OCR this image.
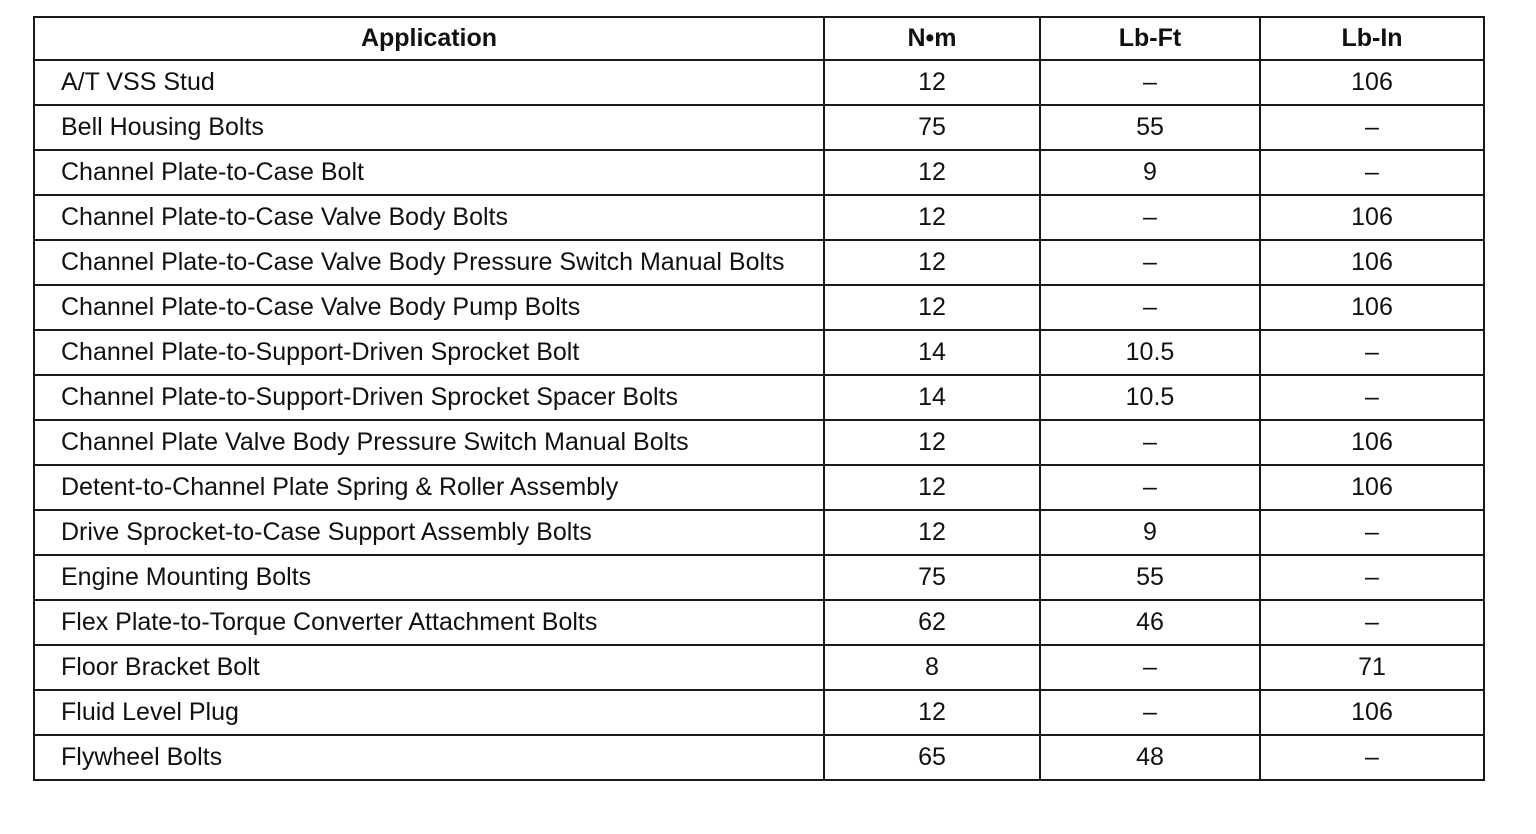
Application	N•m	Lb-Ft	Lb-In
A/T VSS Stud	12	–	106
Bell Housing Bolts	75	55	–
Channel Plate-to-Case Bolt	12	9	–
Channel Plate-to-Case Valve Body Bolts	12	–	106
Channel Plate-to-Case Valve Body Pressure Switch Manual Bolts	12	–	106
Channel Plate-to-Case Valve Body Pump Bolts	12	–	106
Channel Plate-to-Support-Driven Sprocket Bolt	14	10.5	–
Channel Plate-to-Support-Driven Sprocket Spacer Bolts	14	10.5	–
Channel Plate Valve Body Pressure Switch Manual Bolts	12	–	106
Detent-to-Channel Plate Spring & Roller Assembly	12	–	106
Drive Sprocket-to-Case Support Assembly Bolts	12	9	–
Engine Mounting Bolts	75	55	–
Flex Plate-to-Torque Converter Attachment Bolts	62	46	–
Floor Bracket Bolt	8	–	71
Fluid Level Plug	12	–	106
Flywheel Bolts	65	48	–
